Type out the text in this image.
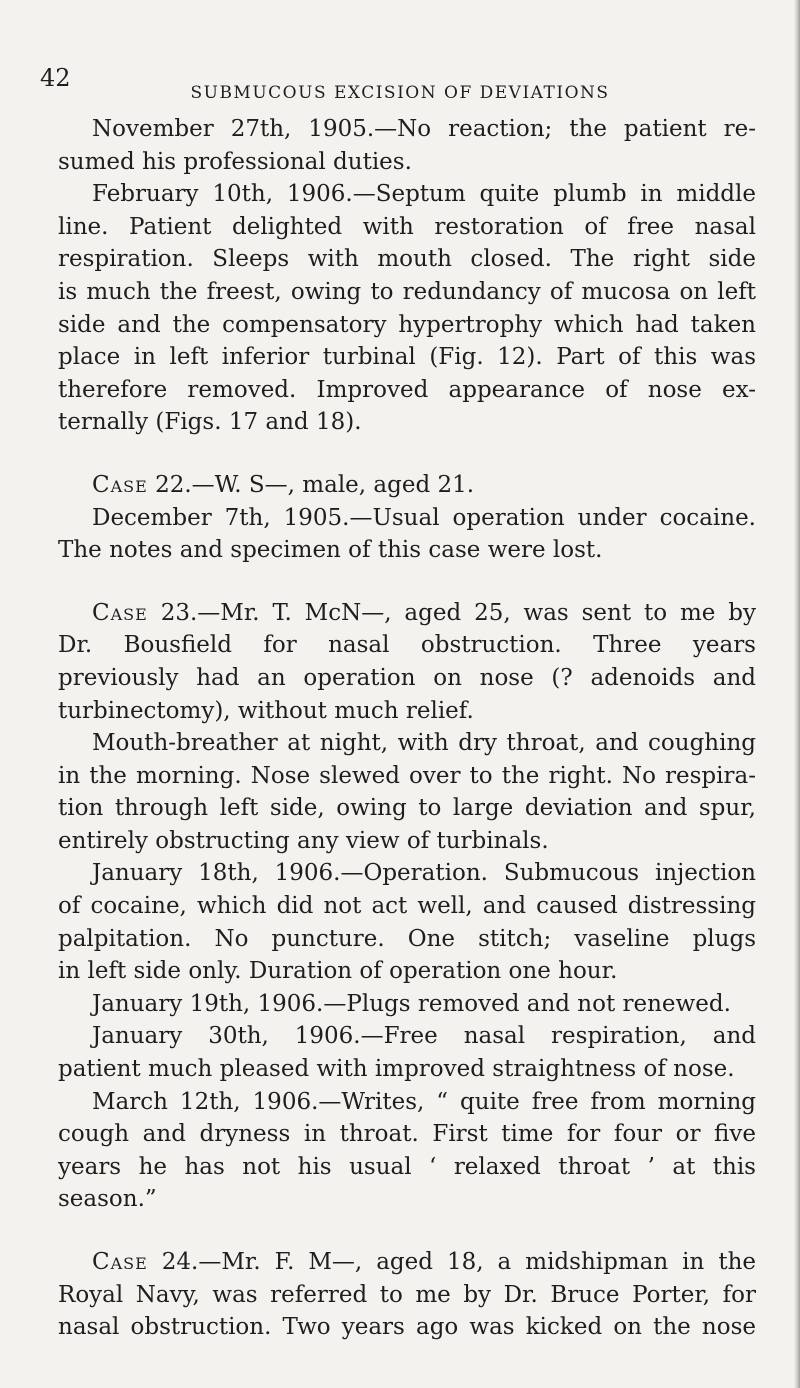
42
SUBMUCOUS EXCISION OF DEVIATIONS
November 27th, 1905.—No reaction; the patient re-
sumed his professional duties.
February 10th, 1906.—Septum quite plumb in middle
line. Patient delighted with restoration of free nasal
respiration. Sleeps with mouth closed. The right side
is much the freest, owing to redundancy of mucosa on left
side and the compensatory hypertrophy which had taken
place in left inferior turbinal (Fig. 12). Part of this was
therefore removed. Improved appearance of nose ex-
ternally (Figs. 17 and 18).
Case 22.—W. S—, male, aged 21.
December 7th, 1905.—Usual operation under cocaine.
The notes and specimen of this case were lost.
Case 23.—Mr. T. McN—, aged 25, was sent to me by
Dr. Bousfield for nasal obstruction. Three years
previously had an operation on nose (? adenoids and
turbinectomy), without much relief.
Mouth-breather at night, with dry throat, and coughing
in the morning. Nose slewed over to the right. No respira-
tion through left side, owing to large deviation and spur,
entirely obstructing any view of turbinals.
January 18th, 1906.—Operation. Submucous injection
of cocaine, which did not act well, and caused distressing
palpitation. No puncture. One stitch; vaseline plugs
in left side only. Duration of operation one hour.
January 19th, 1906.—Plugs removed and not renewed.
January 30th, 1906.—Free nasal respiration, and
patient much pleased with improved straightness of nose.
March 12th, 1906.—Writes, “ quite free from morning
cough and dryness in throat. First time for four or five
years he has not his usual ‘ relaxed throat ’ at this
season.”
Case 24.—Mr. F. M—, aged 18, a midshipman in the
Royal Navy, was referred to me by Dr. Bruce Porter, for
nasal obstruction. Two years ago was kicked on the nose
